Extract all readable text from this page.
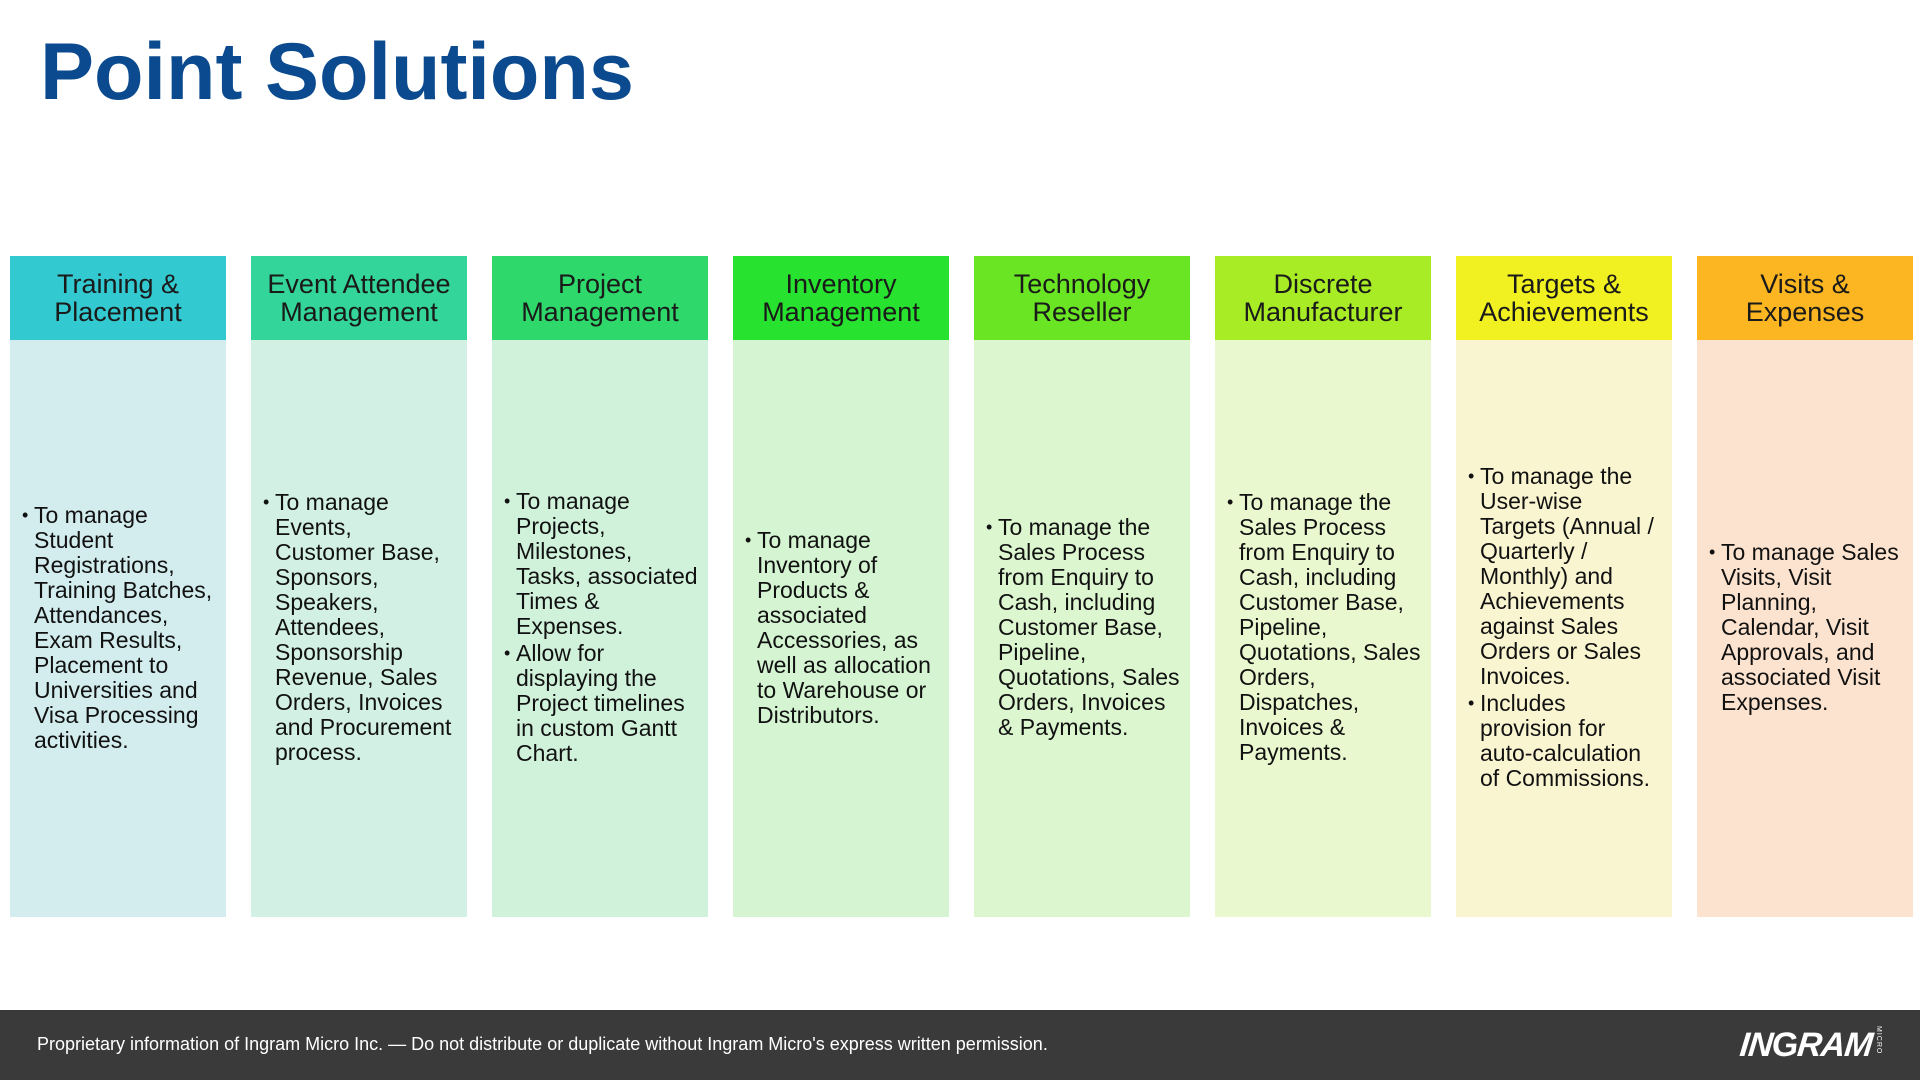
Point Solutions
Training & Placement
• To manage Student Registrations, Training Batches, Attendances, Exam Results, Placement to Universities and Visa Processing activities.
Event Attendee Management
• To manage Events, Customer Base, Sponsors, Speakers, Attendees, Sponsorship Revenue, Sales Orders, Invoices and Procurement process.
Project Management
• To manage Projects, Milestones, Tasks, associated Times & Expenses.
• Allow for displaying the Project timelines in custom Gantt Chart.
Inventory Management
• To manage Inventory of Products & associated Accessories, as well as allocation to Warehouse or Distributors.
Technology Reseller
• To manage the Sales Process from Enquiry to Cash, including Customer Base, Pipeline, Quotations, Sales Orders, Invoices & Payments.
Discrete Manufacturer
• To manage the Sales Process from Enquiry to Cash, including Customer Base, Pipeline, Quotations, Sales Orders, Dispatches, Invoices & Payments.
Targets & Achievements
• To manage the User-wise Targets (Annual / Quarterly / Monthly) and Achievements against Sales Orders or Sales Invoices.
• Includes provision for auto-calculation of Commissions.
Visits & Expenses
• To manage Sales Visits, Visit Planning, Calendar, Visit Approvals, and associated Visit Expenses.
Proprietary information of Ingram Micro Inc. — Do not distribute or duplicate without Ingram Micro's express written permission.	INGRAM MICRO
